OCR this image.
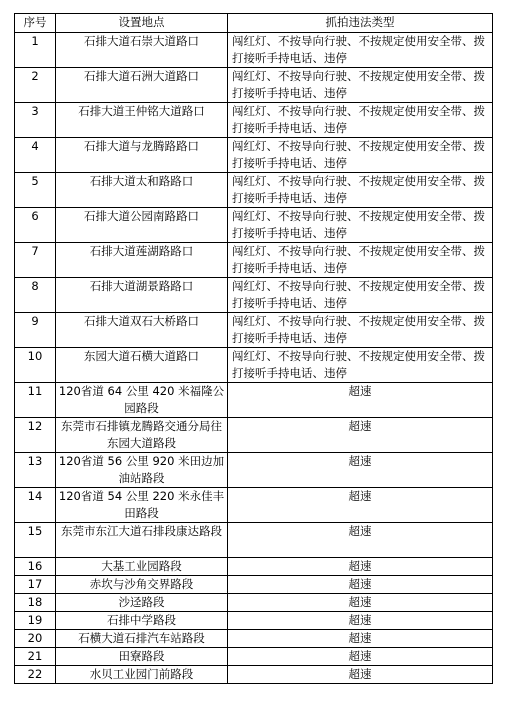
序号	设置地点	抓拍违法类型
1	石排大道石崇大道路口	闯红灯、不按导向行驶、不按规定使用安全带、拨打接听手持电话、违停
2	石排大道石洲大道路口	闯红灯、不按导向行驶、不按规定使用安全带、拨打接听手持电话、违停
3	石排大道王仲铭大道路口	闯红灯、不按导向行驶、不按规定使用安全带、拨打接听手持电话、违停
4	石排大道与龙腾路路口	闯红灯、不按导向行驶、不按规定使用安全带、拨打接听手持电话、违停
5	石排大道太和路路口	闯红灯、不按导向行驶、不按规定使用安全带、拨打接听手持电话、违停
6	石排大道公园南路路口	闯红灯、不按导向行驶、不按规定使用安全带、拨打接听手持电话、违停
7	石排大道莲湖路路口	闯红灯、不按导向行驶、不按规定使用安全带、拨打接听手持电话、违停
8	石排大道湖景路路口	闯红灯、不按导向行驶、不按规定使用安全带、拨打接听手持电话、违停
9	石排大道双石大桥路口	闯红灯、不按导向行驶、不按规定使用安全带、拨打接听手持电话、违停
10	东园大道石横大道路口	闯红灯、不按导向行驶、不按规定使用安全带、拨打接听手持电话、违停
11	120省道 64 公里 420 米福隆公园路段	超速
12	东莞市石排镇龙腾路交通分局往东园大道路段	超速
13	120省道 56 公里 920 米田边加油站路段	超速
14	120省道 54 公里 220 米永佳丰田路段	超速
15	东莞市东江大道石排段康达路段	超速
16	大基工业园路段	超速
17	赤坎与沙角交界路段	超速
18	沙迳路段	超速
19	石排中学路段	超速
20	石横大道石排汽车站路段	超速
21	田寮路段	超速
22	水贝工业园门前路段	超速
